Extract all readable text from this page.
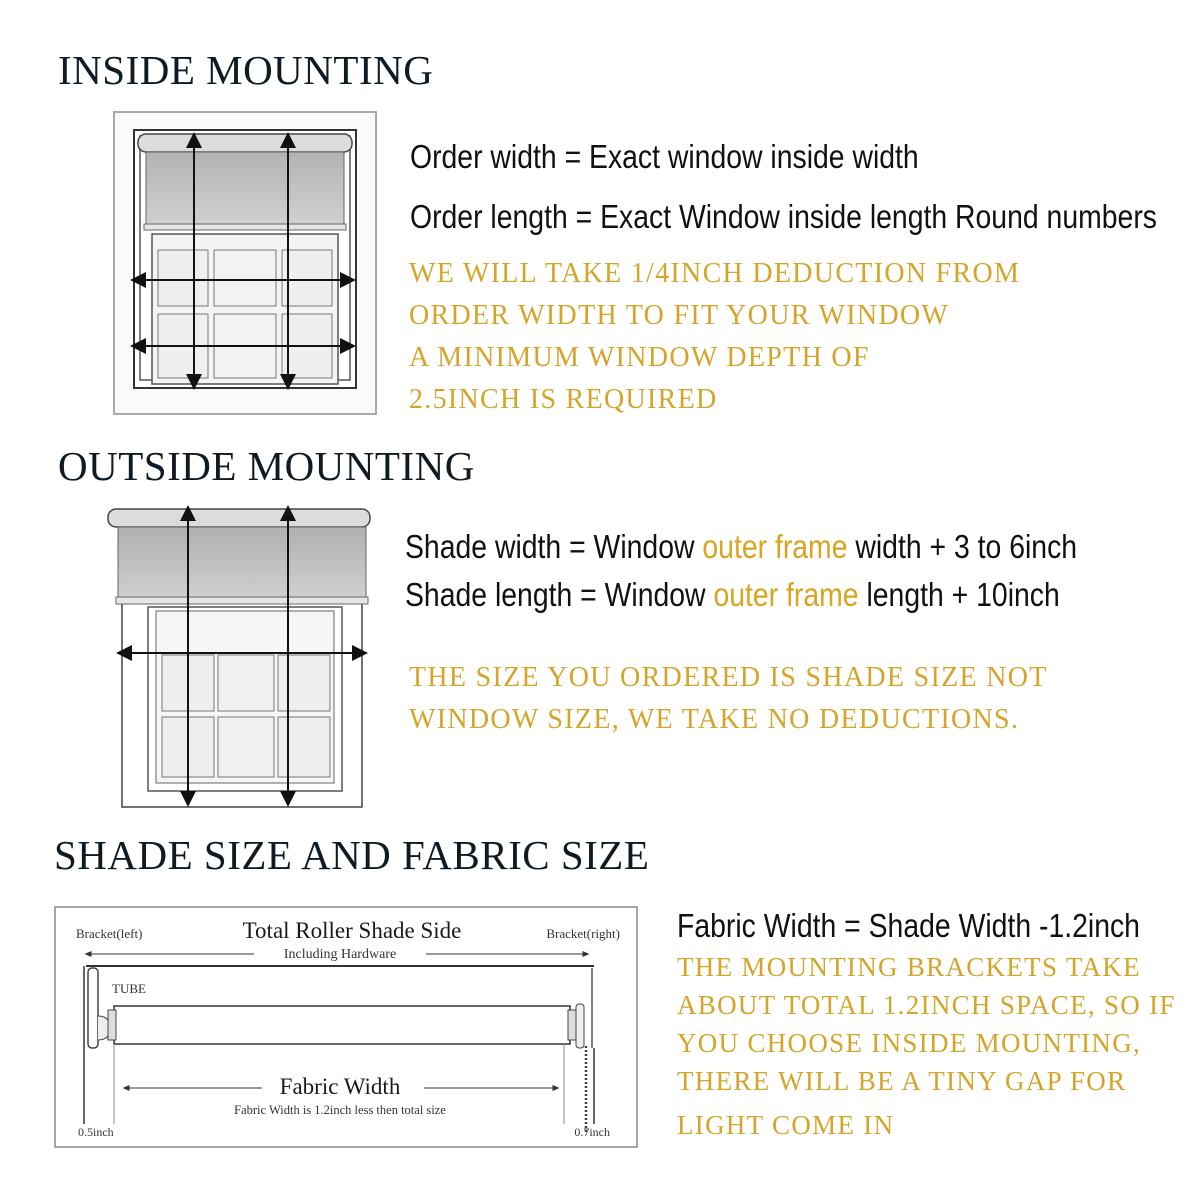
INSIDE MOUNTING
Order width = Exact window inside width
Order length = Exact Window inside length Round numbers
WE WILL TAKE 1/4INCH DEDUCTION FROM
ORDER WIDTH TO FIT YOUR WINDOW
A MINIMUM WINDOW DEPTH OF
2.5INCH IS REQUIRED
OUTSIDE MOUNTING
Shade width = Window outer frame width + 3 to 6inch
Shade length = Window outer frame length + 10inch
THE SIZE YOU ORDERED IS SHADE SIZE NOT
WINDOW SIZE, WE TAKE NO DEDUCTIONS.
SHADE SIZE AND FABRIC SIZE
Bracket(left)	Bracket(right)
Total Roller Shade Side
Including Hardware
TUBE
Fabric Width
Fabric Width is 1.2inch less then total size
0.5inch	0.7inch
Fabric Width = Shade Width -1.2inch
THE MOUNTING BRACKETS TAKE
ABOUT TOTAL 1.2INCH SPACE, SO IF
YOU CHOOSE INSIDE MOUNTING,
THERE WILL BE A TINY GAP FOR
LIGHT COME IN
